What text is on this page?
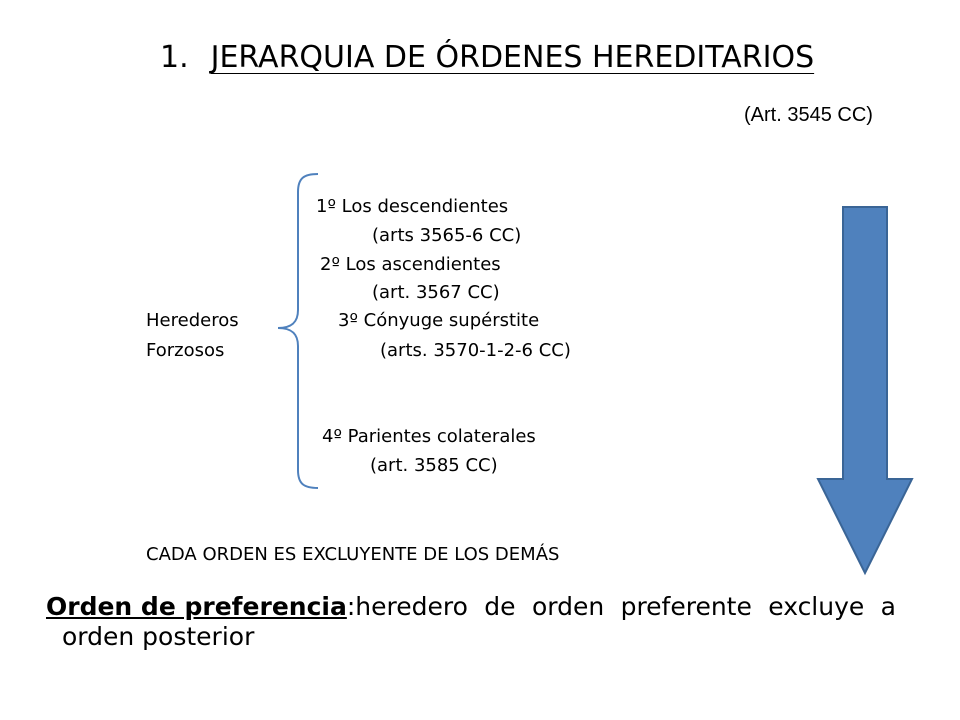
1. JERARQUIA DE ÓRDENES HEREDITARIOS
(Art. 3545 CC)
1º Los descendientes
(arts 3565-6 CC)
2º Los ascendientes
(art. 3567 CC)
3º Cónyuge supérstite
(arts. 3570-1-2-6 CC)
4º Parientes colaterales
(art. 3585 CC)
Herederos
Forzosos
CADA ORDEN ES EXCLUYENTE DE LOS DEMÁS
Orden de preferencia: heredero de orden preferente excluye a
orden posterior
